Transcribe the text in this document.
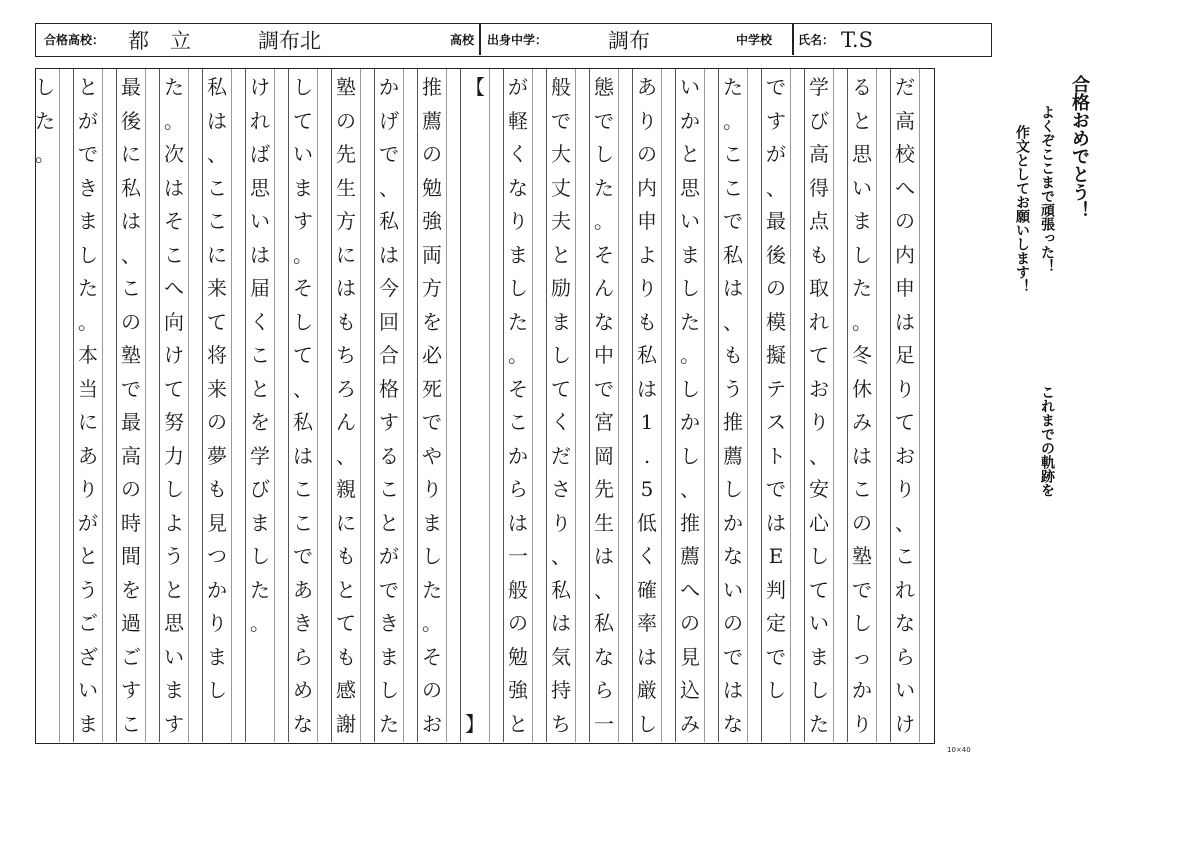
合格高校： 都　立	調布北	高校 出身中学：	調布	中学校 氏名： T.S
だ
高
校
へ
の
内
申
は
足
り
て
お
り
、
こ
れ
な
ら
い
け
る
と
思
い
ま
し
た
。
冬
休
み
は
こ
の
塾
で
し
っ
か
り
学
び
高
得
点
も
取
れ
て
お
り
、
安
心
し
て
い
ま
し
た
で
す
が
、
最
後
の
模
擬
テ
ス
ト
で
は
E
判
定
で
し
た
。
こ
こ
で
私
は
、
も
う
推
薦
し
か
な
い
の
で
は
な
い
か
と
思
い
ま
し
た
。
し
か
し
、
推
薦
へ
の
見
込
み
あ
り
の
内
申
よ
り
も
私
は
1
.
5
低
く
確
率
は
厳
し
態
で
し
た
。
そ
ん
な
中
で
宮
岡
先
生
は
、
私
な
ら
一
般
で
大
丈
夫
と
励
ま
し
て
く
だ
さ
り
、
私
は
気
持
ち
が
軽
く
な
り
ま
し
た
。
そ
こ
か
ら
は
一
般
の
勉
強
と
【

】
推
薦
の
勉
強
両
方
を
必
死
で
や
り
ま
し
た
。
そ
の
お
か
げ
で
、
私
は
今
回
合
格
す
る
こ
と
が
で
き
ま
し
た
塾
の
先
生
方
に
は
も
ち
ろ
ん
、
親
に
も
と
て
も
感
謝
し
て
い
ま
す
。
そ
し
て
、
私
は
こ
こ
で
あ
き
ら
め
な
け
れ
ば
思
い
は
届
く
こ
と
を
学
び
ま
し
た
。
私
は
、
こ
こ
に
来
て
将
来
の
夢
も
見
つ
か
り
ま
し
た
。
次
は
そ
こ
へ
向
け
て
努
力
し
よ
う
と
思
い
ま
す
最
後
に
私
は
、
こ
の
塾
で
最
高
の
時
間
を
過
ご
す
こ
と
が
で
き
ま
し
た
。
本
当
に
あ
り
が
と
う
ご
ざ
い
ま
し
た
。
10×40
合格おめでとう！
よくぞここまで頑張った！
作文としてお願いします！
これまでの軌跡を
